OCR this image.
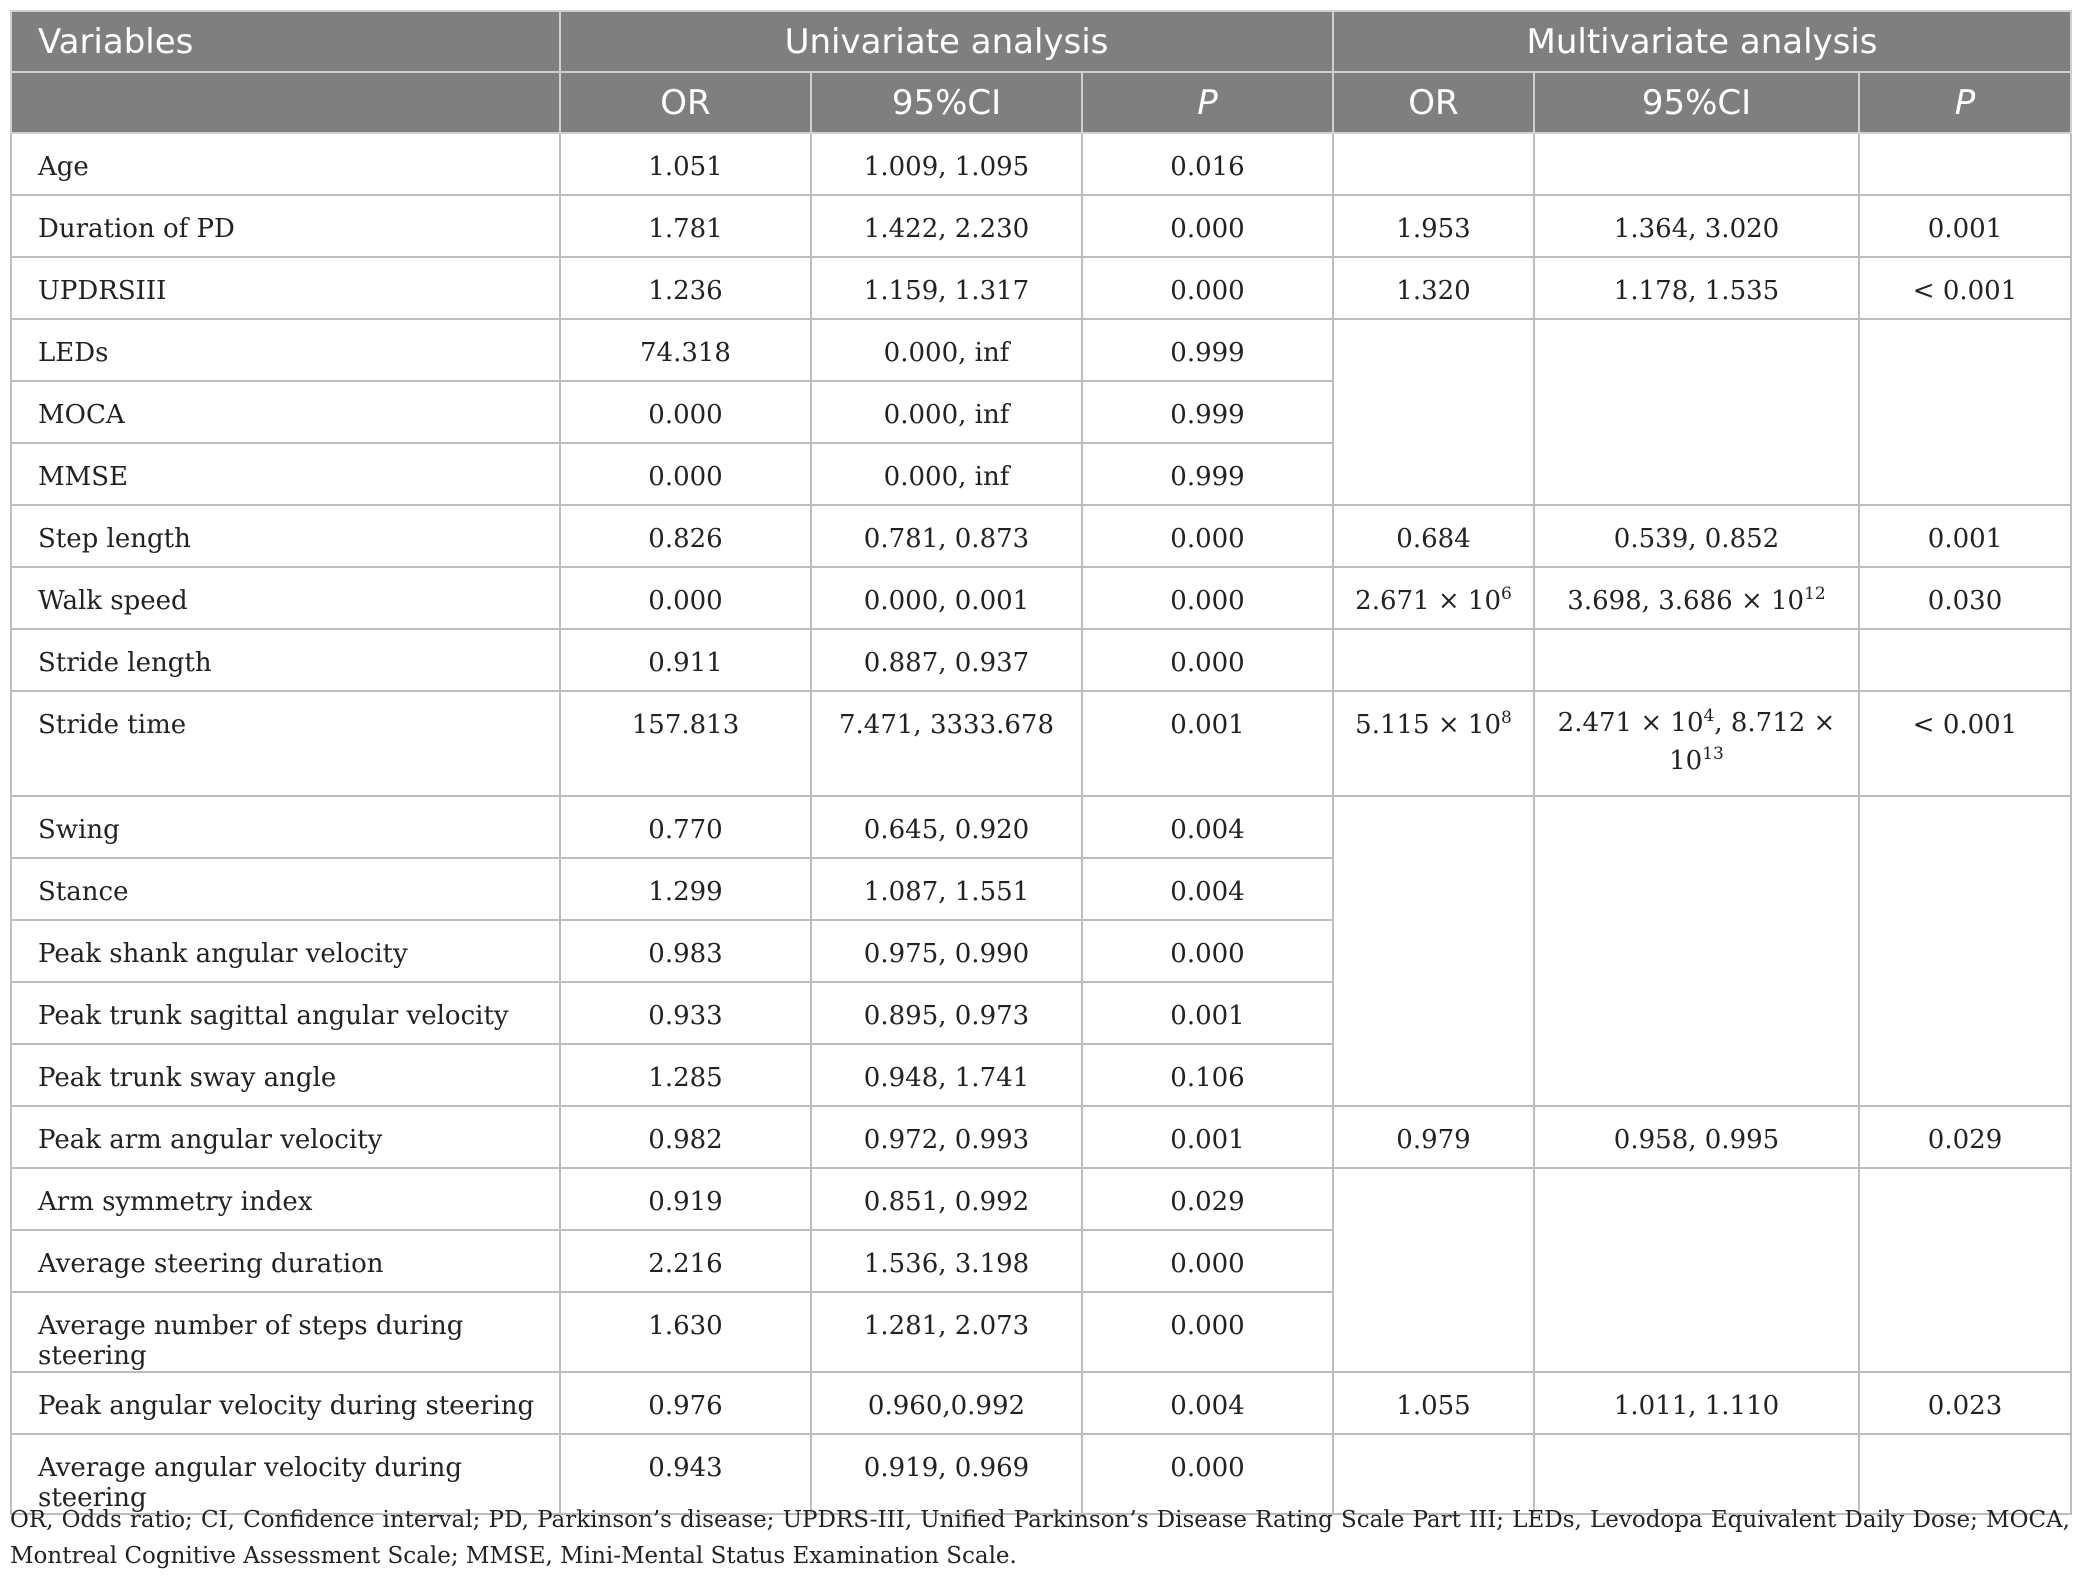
Variables	Univariate analysis			Multivariate analysis		
	OR	95%CI	P	OR	95%CI	P
Age	1.051	1.009, 1.095	0.016			
Duration of PD	1.781	1.422, 2.230	0.000	1.953	1.364, 3.020	0.001
UPDRSIII	1.236	1.159, 1.317	0.000	1.320	1.178, 1.535	< 0.001
LEDs	74.318	0.000, inf	0.999			
MOCA	0.000	0.000, inf	0.999			
MMSE	0.000	0.000, inf	0.999			
Step length	0.826	0.781, 0.873	0.000	0.684	0.539, 0.852	0.001
Walk speed	0.000	0.000, 0.001	0.000	$2.671 \times 10^6$	3.698, $3.686 \times 10^{12}$	0.030
Stride length	0.911	0.887, 0.937	0.000			
Stride time	157.813	7.471, 3333.678	0.001	$5.115 \times 10^8$	$2.471 \times 10^4$, 8.712 ×
$10^{13}$	< 0.001
Swing	0.770	0.645, 0.920	0.004			
Stance	1.299	1.087, 1.551	0.004			
Peak shank angular velocity	0.983	0.975, 0.990	0.000			
Peak trunk sagittal angular velocity	0.933	0.895, 0.973	0.001			
Peak trunk sway angle	1.285	0.948, 1.741	0.106			
Peak arm angular velocity	0.982	0.972, 0.993	0.001	0.979	0.958, 0.995	0.029
Arm symmetry index	0.919	0.851, 0.992	0.029			
Average steering duration	2.216	1.536, 3.198	0.000			
Average number of steps during steering	1.630	1.281, 2.073	0.000			
Peak angular velocity during steering	0.976	0.960,0.992	0.004	1.055	1.011, 1.110	0.023
Average angular velocity during steering	0.943	0.919, 0.969	0.000			
OR, Odds ratio; CI, Confidence interval; PD, Parkinson’s disease; UPDRS-III, Unified Parkinson’s Disease Rating Scale Part III; LEDs, Levodopa Equivalent Daily Dose; MOCA, Montreal Cognitive Assessment Scale; MMSE, Mini-Mental Status Examination Scale.
